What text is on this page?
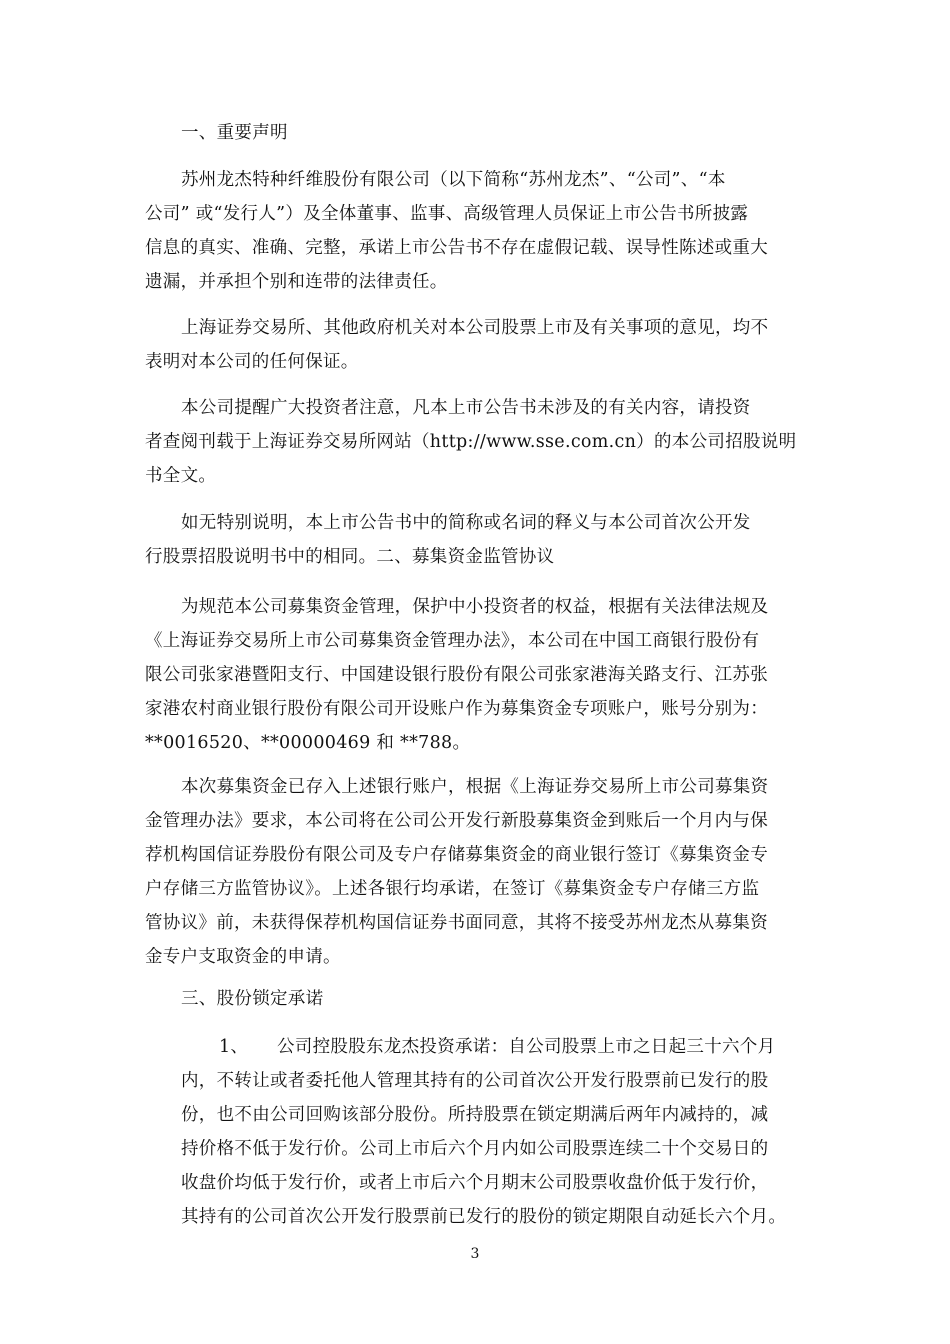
一、重要声明
苏州龙杰特种纤维股份有限公司（以下简称“苏州龙杰”、“公司”、“本
公司” 或“发行人”）及全体董事、监事、高级管理人员保证上市公告书所披露
信息的真实、准确、完整，承诺上市公告书不存在虚假记载、误导性陈述或重大
遗漏，并承担个别和连带的法律责任。
上海证券交易所、其他政府机关对本公司股票上市及有关事项的意见，均不
表明对本公司的任何保证。
本公司提醒广大投资者注意，凡本上市公告书未涉及的有关内容，请投资
者查阅刊载于上海证券交易所网站（http://www.sse.com.cn）的本公司招股说明
书全文。
如无特别说明，本上市公告书中的简称或名词的释义与本公司首次公开发
行股票招股说明书中的相同。二、募集资金监管协议
为规范本公司募集资金管理，保护中小投资者的权益，根据有关法律法规及
《上海证券交易所上市公司募集资金管理办法》，本公司在中国工商银行股份有
限公司张家港暨阳支行、中国建设银行股份有限公司张家港海关路支行、江苏张
家港农村商业银行股份有限公司开设账户作为募集资金专项账户，账号分别为：
**0016520、**00000469 和 **788。
本次募集资金已存入上述银行账户，根据《上海证券交易所上市公司募集资
金管理办法》要求，本公司将在公司公开发行新股募集资金到账后一个月内与保
荐机构国信证券股份有限公司及专户存储募集资金的商业银行签订《募集资金专
户存储三方监管协议》。上述各银行均承诺，在签订《募集资金专户存储三方监
管协议》前，未获得保荐机构国信证券书面同意，其将不接受苏州龙杰从募集资
金专户支取资金的申请。
三、股份锁定承诺
1、 公司控股股东龙杰投资承诺：自公司股票上市之日起三十六个月
内，不转让或者委托他人管理其持有的公司首次公开发行股票前已发行的股
份，也不由公司回购该部分股份。所持股票在锁定期满后两年内减持的，减
持价格不低于发行价。公司上市后六个月内如公司股票连续二十个交易日的
收盘价均低于发行价，或者上市后六个月期末公司股票收盘价低于发行价，
其持有的公司首次公开发行股票前已发行的股份的锁定期限自动延长六个月。
3
